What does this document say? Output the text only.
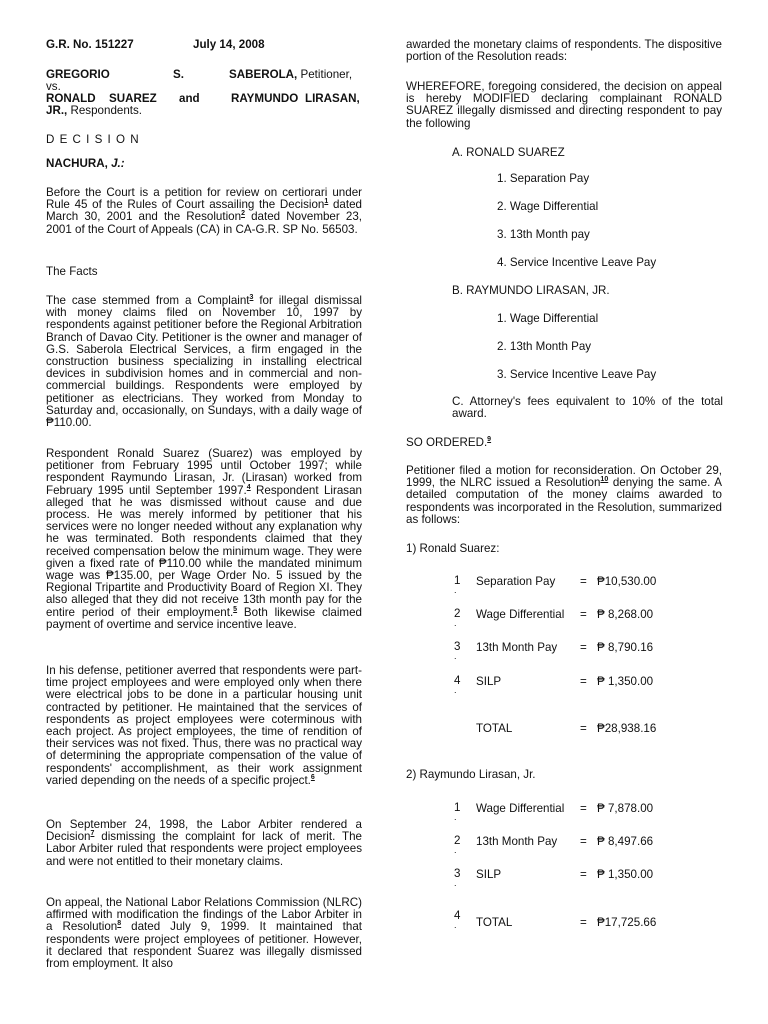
G.R. No. 151227	July 14, 2008
GREGORIO	S.	SABEROLA, Petitioner,
vs.
RONALD SUAREZ and	RAYMUNDO LIRASAN,
JR., Respondents.
D E C I S I O N
NACHURA, J.:

Before the Court is a petition for review on certiorari under Rule 45 of the Rules of Court assailing the Decision$^1$ dated March 30, 2001 and the Resolution$^2$ dated November 23, 2001 of the Court of Appeals (CA) in CA-G.R. SP No. 56503.

The Facts

The case stemmed from a Complaint$^3$ for illegal dismissal with money claims filed on November 10, 1997 by respondents against petitioner before the Regional Arbitration Branch of Davao City. Petitioner is the owner and manager of G.S. Saberola Electrical Services, a firm engaged in the construction business specializing in installing electrical devices in subdivision homes and in commercial and non-commercial buildings. Respondents were employed by petitioner as electricians. They worked from Monday to Saturday and, occasionally, on Sundays, with a daily wage of ₱110.00.

Respondent Ronald Suarez (Suarez) was employed by petitioner from February 1995 until October 1997; while respondent Raymundo Lirasan, Jr. (Lirasan) worked from February 1995 until September 1997.$^4$ Respondent Lirasan alleged that he was dismissed without cause and due process. He was merely informed by petitioner that his services were no longer needed without any explanation why he was terminated. Both respondents claimed that they received compensation below the minimum wage. They were given a fixed rate of ₱110.00 while the mandated minimum wage was ₱135.00, per Wage Order No. 5 issued by the Regional Tripartite and Productivity Board of Region XI. They also alleged that they did not receive 13th month pay for the entire period of their employment.$^5$ Both likewise claimed payment of overtime and service incentive leave.

In his defense, petitioner averred that respondents were part-time project employees and were employed only when there were electrical jobs to be done in a particular housing unit contracted by petitioner. He maintained that the services of respondents as project employees were coterminous with each project. As project employees, the time of rendition of their services was not fixed. Thus, there was no practical way of determining the appropriate compensation of the value of respondents' accomplishment, as their work assignment varied depending on the needs of a specific project.$^6$

On September 24, 1998, the Labor Arbiter rendered a Decision$^7$ dismissing the complaint for lack of merit. The Labor Arbiter ruled that respondents were project employees and were not entitled to their monetary claims.

On appeal, the National Labor Relations Commission (NLRC) affirmed with modification the findings of the Labor Arbiter in a Resolution$^8$ dated July 9, 1999. It maintained that respondents were project employees of petitioner. However, it declared that respondent Suarez was illegally dismissed from employment. It also

awarded the monetary claims of respondents. The dispositive portion of the Resolution reads:

WHEREFORE, foregoing considered, the decision on appeal is hereby MODIFIED declaring complainant RONALD SUAREZ illegally dismissed and directing respondent to pay the following

A. RONALD SUAREZ
1. Separation Pay
2. Wage Differential
3. 13th Month pay
4. Service Incentive Leave Pay
B. RAYMUNDO LIRASAN, JR.
1. Wage Differential
2. 13th Month Pay
3. Service Incentive Leave Pay

C. Attorney's fees equivalent to 10% of the total award.

SO ORDERED.$^9$

Petitioner filed a motion for reconsideration. On October 29, 1999, the NLRC issued a Resolution$^{10}$ denying the same. A detailed computation of the money claims awarded to respondents was incorporated in the Resolution, summarized as follows:

1) Ronald Suarez:
1
.
Separation Pay = ₱10,530.00
2
.
Wage Differential = ₱ 8,268.00
3
.
13th Month Pay = ₱ 8,790.16
4
.
SILP	= ₱ 1,350.00
TOTAL	= ₱28,938.16
2) Raymundo Lirasan, Jr.
1
.
Wage Differential = ₱ 7,878.00
2
.
13th Month Pay = ₱ 8,497.66
3
.
SILP	= ₱ 1,350.00
4
.	TOTAL	= ₱17,725.66
